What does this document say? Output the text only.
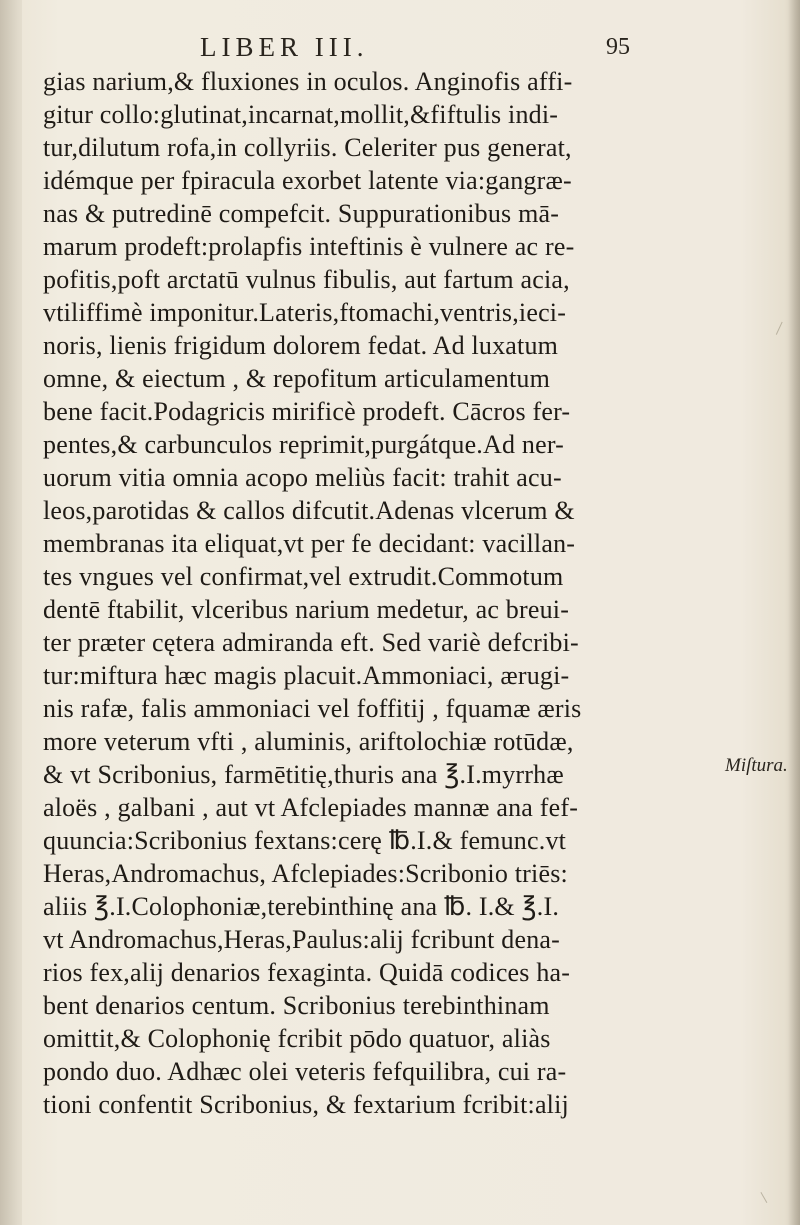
LIBER III.	95
gias narium,& fluxiones in oculos. Anginofis affi-
gitur collo:glutinat,incarnat,mollit,&fiftulis indi-
tur,dilutum rofa,in collyriis. Celeriter pus generat,
idémque per fpiracula exorbet latente via:gangræ-
nas & putredinē compefcit. Suppurationibus mā-
marum prodeft:prolapfis inteftinis è vulnere ac re-
pofitis,poft arctatū vulnus fibulis, aut fartum acia,
vtiliffimè imponitur.Lateris,ftomachi,ventris,ieci-
noris, lienis frigidum dolorem fedat. Ad luxatum
omne, & eiectum , & repofitum articulamentum
bene facit.Podagricis mirificè prodeft. Cācros fer-
pentes,& carbunculos reprimit,purgátque.Ad ner-
uorum vitia omnia acopo meliùs facit: trahit acu-
leos,parotidas & callos difcutit.Adenas vlcerum &
membranas ita eliquat,vt per fe decidant: vacillan-
tes vngues vel confirmat,vel extrudit.Commotum
dentē ftabilit, vlceribus narium medetur, ac breui-
ter præter cętera admiranda eft. Sed variè defcribi-
tur:miftura hæc magis placuit.Ammoniaci, ærugi-
nis rafæ, falis ammoniaci vel foffitij , fquamæ æris
more veterum vfti , aluminis, ariftolochiæ rotūdæ,
& vt Scribonius, farmētitię,thuris ana ℥.I.myrrhæ
aloës , galbani , aut vt Afclepiades mannæ ana fef-
quuncia:Scribonius fextans:cerę ℔.I.& femunc.vt
Heras,Andromachus, Afclepiades:Scribonio triēs:
aliis ℥.I.Colophoniæ,terebinthinę ana ℔. I.& ℥.I.
vt Andromachus,Heras,Paulus:alij fcribunt dena-
rios fex,alij denarios fexaginta. Quidā codices ha-
bent denarios centum. Scribonius terebinthinam
omittit,& Colophonię fcribit pōdo quatuor, aliàs
pondo duo. Adhæc olei veteris fefquilibra, cui ra-
tioni confentit Scribonius, & fextarium fcribit:alij
Miſtura.
